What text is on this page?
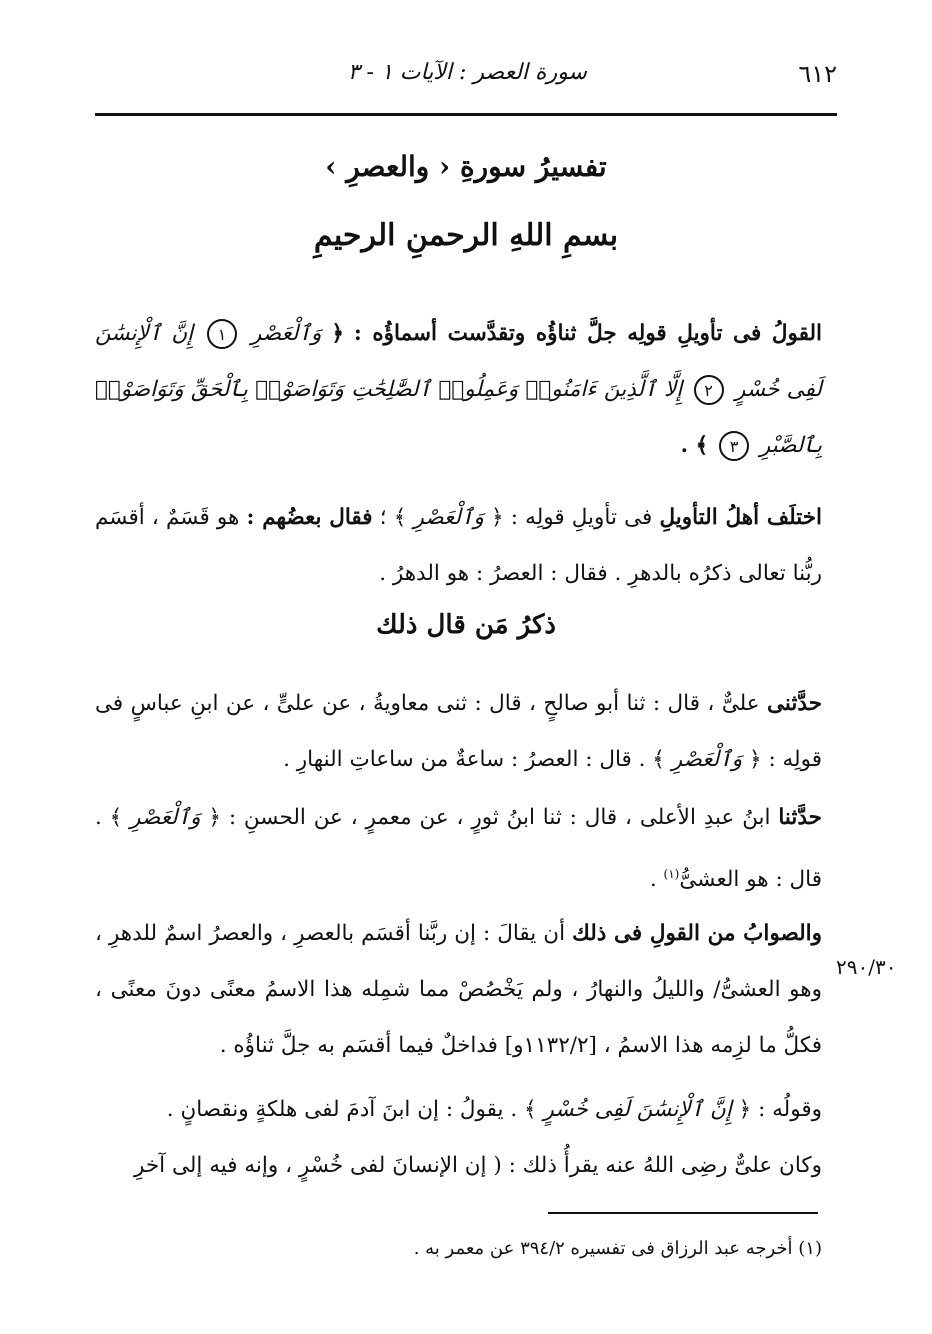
٦١٢
سورة العصر : الآيات ١ - ٣
تفسيرُ سورةِ ‹ والعصرِ ›
بسمِ اللهِ الرحمنِ الرحيمِ
القولُ فى تأويلِ قولِه جلَّ ثناؤُه وتقدَّست أسماؤُه : ﴿ وَٱلْعَصْرِ ١ إِنَّ ٱلْإِنسَٰنَ لَفِى خُسْرٍ ٢ إِلَّا ٱلَّذِينَ ءَامَنُوا۟ وَعَمِلُوا۟ ٱلصَّٰلِحَٰتِ وَتَوَاصَوْا۟ بِٱلْحَقِّ وَتَوَاصَوْا۟ بِٱلصَّبْرِ ٣ ﴾ .
اختلَف أهلُ التأويلِ فى تأويلِ قولِه : ﴿ وَٱلْعَصْرِ ﴾ ؛ فقال بعضُهم : هو قَسَمٌ ، أقسَم ربُّنا تعالى ذكرُه بالدهرِ . فقال : العصرُ : هو الدهرُ .
ذكرُ مَن قال ذلك
حدَّثنى علىٌّ ، قال : ثنا أبو صالحٍ ، قال : ثنى معاويةُ ، عن علىٍّ ، عن ابنِ عباسٍ فى قولِه : ﴿ وَٱلْعَصْرِ ﴾ . قال : العصرُ : ساعةٌ من ساعاتِ النهارِ .
حدَّثنا ابنُ عبدِ الأعلى ، قال : ثنا ابنُ ثورٍ ، عن معمرٍ ، عن الحسنِ : ﴿ وَٱلْعَصْرِ ﴾ . قال : هو العشىُّ$^{(١)}$ .
والصوابُ من القولِ فى ذلك أن يقالَ : إن ربَّنا أقسَم بالعصرِ ، والعصرُ اسمٌ للدهرِ ، وهو العشىُّ/ والليلُ والنهارُ ، ولم يَخْصُصْ مما شمِله هذا الاسمُ معنًى دونَ معنًى ، فكلُّ ما لزِمه هذا الاسمُ ، [١١٣٢/٢و] فداخلٌ فيما أقسَم به جلَّ ثناؤُه .
٢٩٠/٣٠
وقولُه : ﴿ إِنَّ ٱلْإِنسَٰنَ لَفِى خُسْرٍ ﴾ . يقولُ : إن ابنَ آدمَ لفى هلكةٍ ونقصانٍ .
وكان علىٌّ رضِى اللهُ عنه يقرأُ ذلك : ( إن الإنسانَ لفى خُسْرٍ ، وإنه فيه إلى آخرِ
(١) أخرجه عبد الرزاق فى تفسيره ٣٩٤/٢ عن معمر به .
